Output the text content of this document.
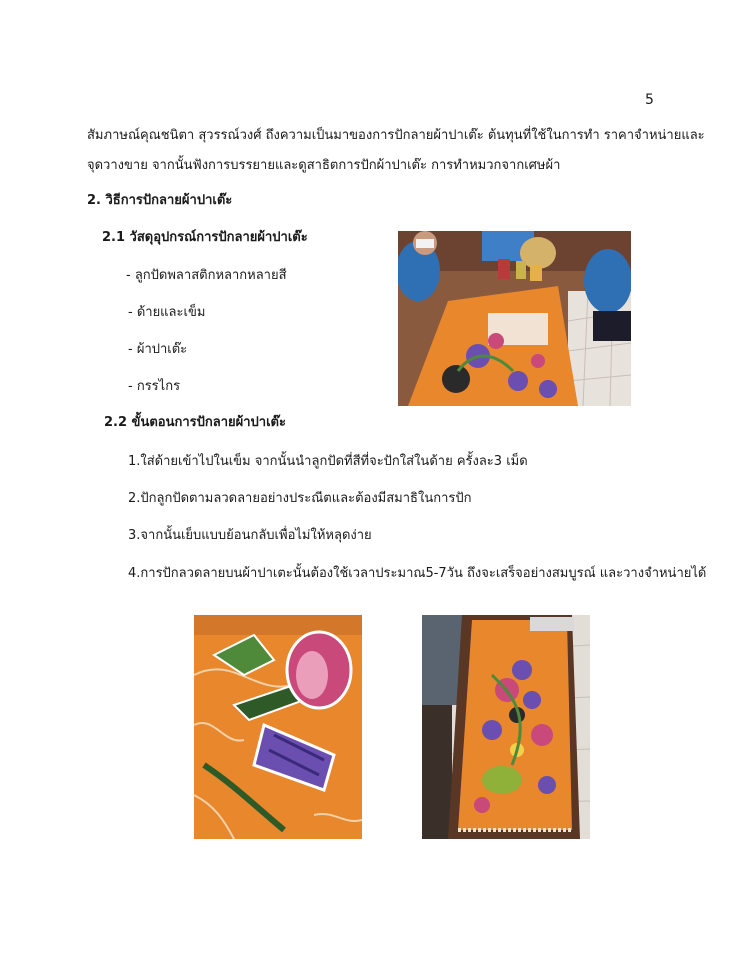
5
สัมภาษณ์คุณชนิตา สุวรรณ์วงศ์ ถึงความเป็นมาของการปักลายผ้าปาเต๊ะ ต้นทุนที่ใช้ในการทำ ราคาจำหน่ายและ
จุดวางขาย จากนั้นฟังการบรรยายและดูสาธิตการปักผ้าปาเต๊ะ การทำหมวกจากเศษผ้า
2. วิธีการปักลายผ้าปาเต๊ะ
2.1 วัสดุอุปกรณ์การปักลายผ้าปาเต๊ะ
- ลูกปัดพลาสติกหลากหลายสี
- ด้ายและเข็ม
- ผ้าปาเต๊ะ
- กรรไกร
2.2 ขั้นตอนการปักลายผ้าปาเต๊ะ
1.ใส่ด้ายเข้าไปในเข็ม จากนั้นนำลูกปัดที่สีที่จะปักใส่ในด้าย ครั้งละ3 เม็ด
2.ปักลูกปัดตามลวดลายอย่างประณีตและต้องมีสมาธิในการปัก
3.จากนั้นเย็บแบบย้อนกลับเพื่อไม่ให้หลุดง่าย
4.การปักลวดลายบนผ้าปาเตะนั้นต้องใช้เวลาประมาณ5-7วัน ถึงจะเสร็จอย่างสมบูรณ์ และวางจำหน่ายได้
